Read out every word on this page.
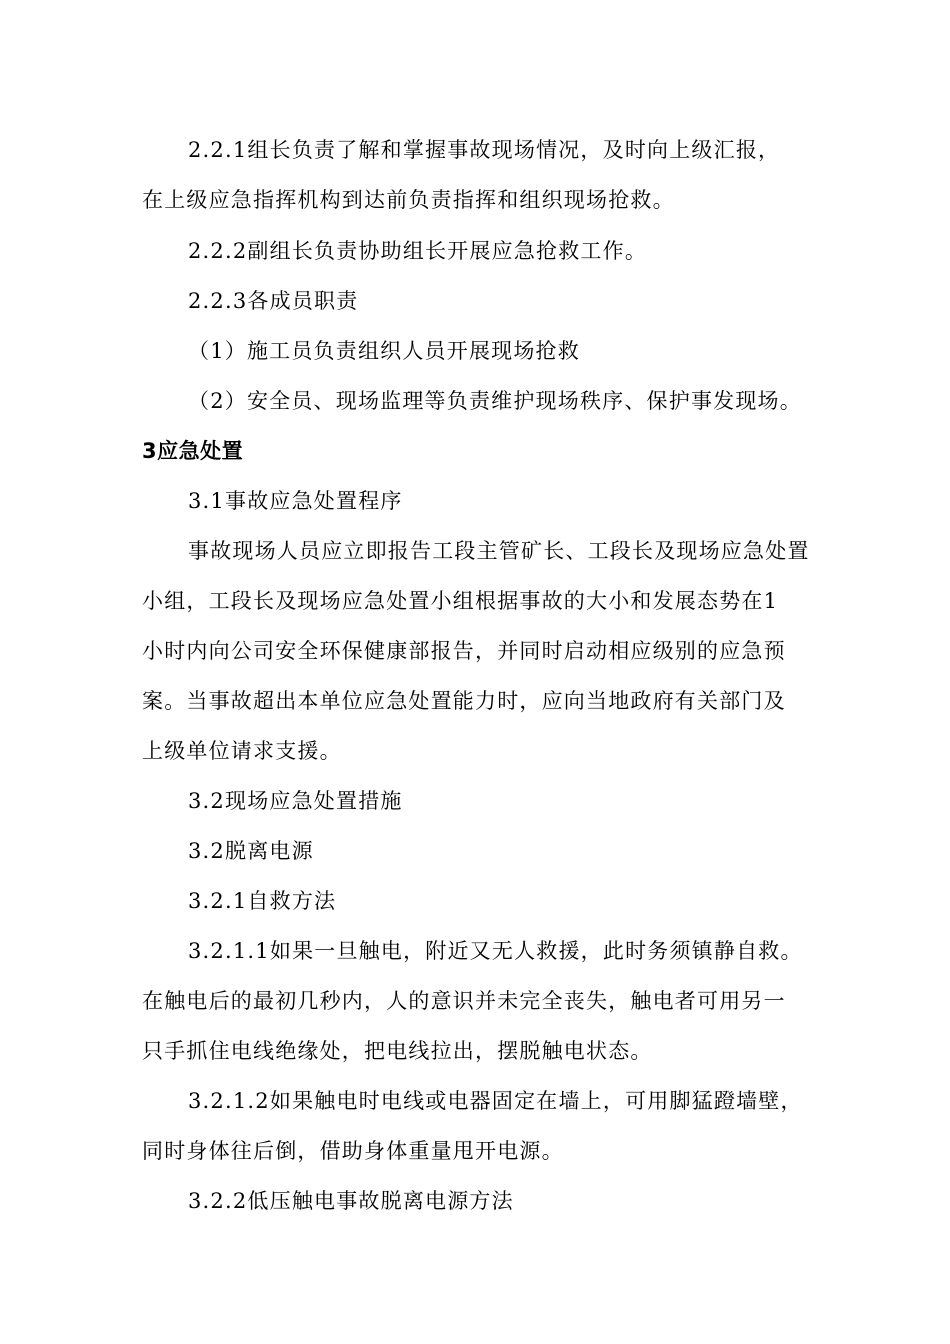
2.2.1组长负责了解和掌握事故现场情况，及时向上级汇报，
在上级应急指挥机构到达前负责指挥和组织现场抢救。
2.2.2副组长负责协助组长开展应急抢救工作。
2.2.3各成员职责
（1）施工员负责组织人员开展现场抢救
（2）安全员、现场监理等负责维护现场秩序、保护事发现场。
3应急处置
3.1事故应急处置程序
事故现场人员应立即报告工段主管矿长、工段长及现场应急处置
小组，工段长及现场应急处置小组根据事故的大小和发展态势在1
小时内向公司安全环保健康部报告，并同时启动相应级别的应急预
案。当事故超出本单位应急处置能力时，应向当地政府有关部门及
上级单位请求支援。
3.2现场应急处置措施
3.2脱离电源
3.2.1自救方法
3.2.1.1如果一旦触电，附近又无人救援，此时务须镇静自救。
在触电后的最初几秒内，人的意识并未完全丧失，触电者可用另一
只手抓住电线绝缘处，把电线拉出，摆脱触电状态。
3.2.1.2如果触电时电线或电器固定在墙上，可用脚猛蹬墙壁，
同时身体往后倒，借助身体重量甩开电源。
3.2.2低压触电事故脱离电源方法
